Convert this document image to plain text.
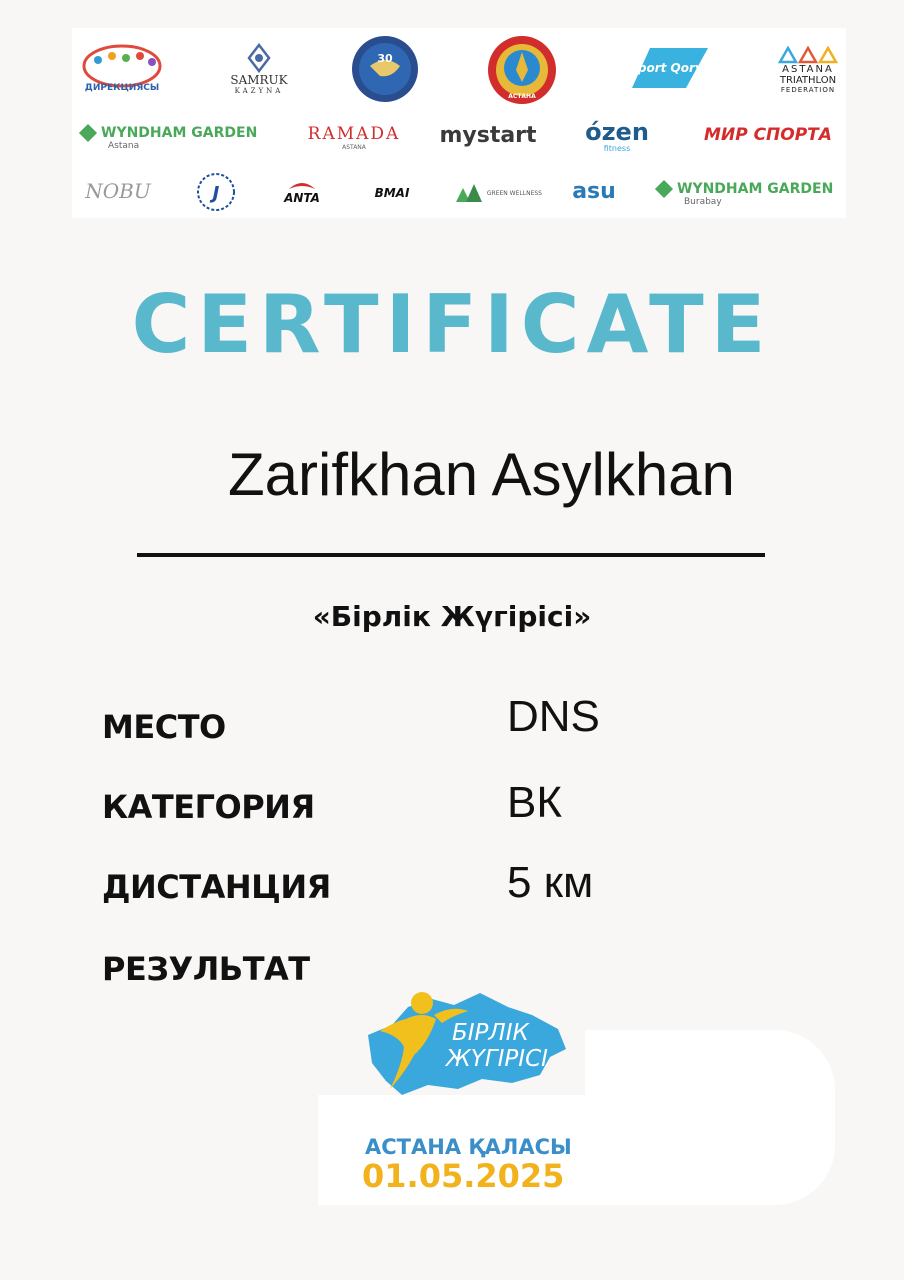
ДИРЕКЦИЯСЫ
SAMRUK
KAZYNA
30
АСТАНА
Sport Qory	ASTANA
TRIATHLON
FEDERATION
WYNDHAM GARDEN
Astana
RAMADA
ASTANA	mystart ózen
fitness
МИР СПОРТА
NOBU	J	ANTA	BMAI	GREEN WELLNESS asu	WYNDHAM GARDEN
Burabay
CERTIFICATE
Zarifkhan Asylkhan
«Бірлік Жүгірісі»
МЕСТО	DNS
КАТЕГОРИЯ	ВК
ДИСТАНЦИЯ	5 км
РЕЗУЛЬТАТ
БІРЛІК
ЖҮГІРІСІ
АСТАНА ҚАЛАСЫ
01.05.2025
